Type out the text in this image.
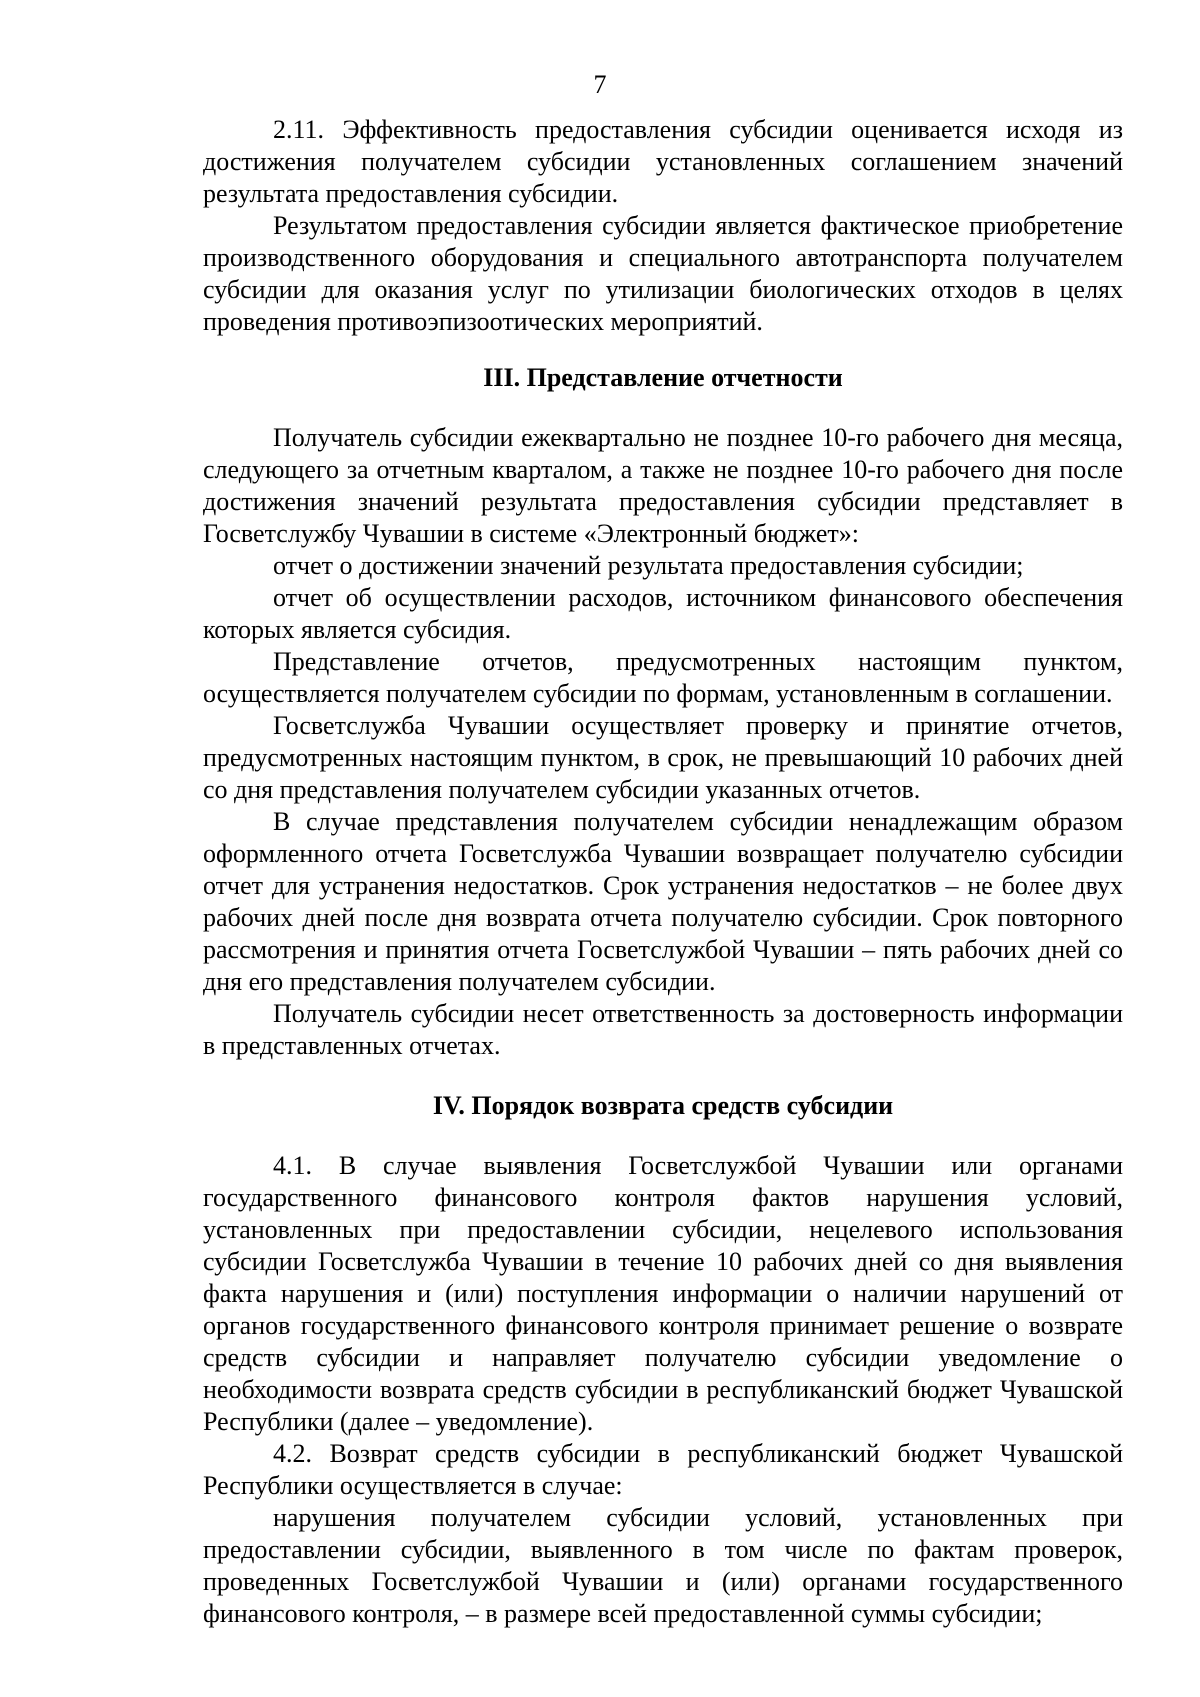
7

2.11. Эффективность предоставления субсидии оценивается исходя из достижения получателем субсидии установленных соглашением значений результата предоставления субсидии.

Результатом предоставления субсидии является фактическое приобретение производственного оборудования и специального автотранспорта получателем субсидии для оказания услуг по утилизации биологических отходов в целях проведения противоэпизоотических мероприятий.

III. Представление отчетности

Получатель субсидии ежеквартально не позднее 10-го рабочего дня месяца, следующего за отчетным кварталом, а также не позднее 10-го рабочего дня после достижения значений результата предоставления субсидии представляет в Госветслужбу Чувашии в системе «Электронный бюджет»:

отчет о достижении значений результата предоставления субсидии;

отчет об осуществлении расходов, источником финансового обеспечения которых является субсидия.

Представление отчетов, предусмотренных настоящим пунктом, осуществляется получателем субсидии по формам, установленным в соглашении.

Госветслужба Чувашии осуществляет проверку и принятие отчетов, предусмотренных настоящим пунктом, в срок, не превышающий 10 рабочих дней со дня представления получателем субсидии указанных отчетов.

В случае представления получателем субсидии ненадлежащим образом оформленного отчета Госветслужба Чувашии возвращает получателю субсидии отчет для устранения недостатков. Срок устранения недостатков – не более двух рабочих дней после дня возврата отчета получателю субсидии. Срок повторного рассмотрения и принятия отчета Госветслужбой Чувашии – пять рабочих дней со дня его представления получателем субсидии.

Получатель субсидии несет ответственность за достоверность информации в представленных отчетах.

IV. Порядок возврата средств субсидии

4.1. В случае выявления Госветслужбой Чувашии или органами государственного финансового контроля фактов нарушения условий, установленных при предоставлении субсидии, нецелевого использования субсидии Госветслужба Чувашии в течение 10 рабочих дней со дня выявления факта нарушения и (или) поступления информации о наличии нарушений от органов государственного финансового контроля принимает решение о возврате средств субсидии и направляет получателю субсидии уведомление о необходимости возврата средств субсидии в республиканский бюджет Чувашской Республики (далее – уведомление).

4.2. Возврат средств субсидии в республиканский бюджет Чувашской Республики осуществляется в случае:

нарушения получателем субсидии условий, установленных при предоставлении субсидии, выявленного в том числе по фактам проверок, проведенных Госветслужбой Чувашии и (или) органами государственного финансового контроля, – в размере всей предоставленной суммы субсидии;
